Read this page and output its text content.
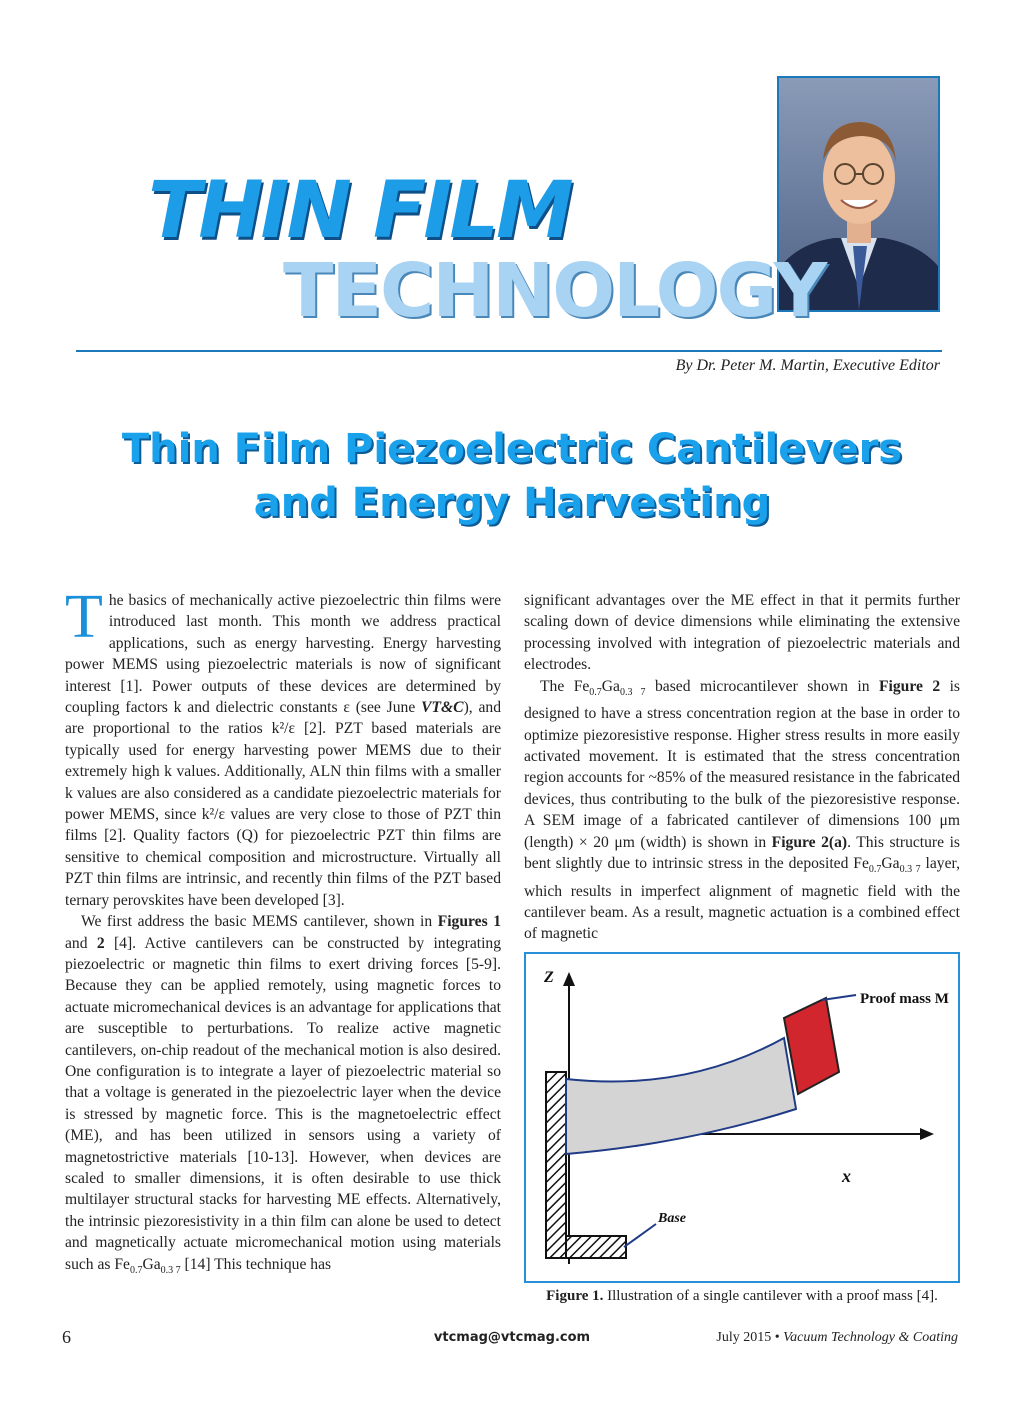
THIN FILM
TECHNOLOGY
By Dr. Peter M. Martin, Executive Editor
Thin Film Piezoelectric Cantilevers
and Energy Harvesting

The basics of mechanically active piezoelectric thin films were introduced last month. This month we address practical applications, such as energy harvesting. Energy harvesting power MEMS using piezoelectric materials is now of significant interest [1]. Power outputs of these devices are determined by coupling factors k and dielectric constants ε (see June VT&C), and are proportional to the ratios k²/ε [2]. PZT based materials are typically used for energy harvesting power MEMS due to their extremely high k values. Additionally, ALN thin films with a smaller k values are also considered as a candidate piezoelectric materials for power MEMS, since k²/ε values are very close to those of PZT thin films [2]. Quality factors (Q) for piezoelectric PZT thin films are sensitive to chemical composition and microstructure. Virtually all PZT thin films are intrinsic, and recently thin films of the PZT based ternary perovskites have been developed [3].

We first address the basic MEMS cantilever, shown in Figures 1 and 2 [4]. Active cantilevers can be constructed by integrating piezoelectric or magnetic thin films to exert driving forces [5-9]. Because they can be applied remotely, using magnetic forces to actuate micromechanical devices is an advantage for applications that are susceptible to perturbations. To realize active magnetic cantilevers, on-chip readout of the mechanical motion is also desired. One configuration is to integrate a layer of piezoelectric material so that a voltage is generated in the piezoelectric layer when the device is stressed by magnetic force. This is the magnetoelectric effect (ME), and has been utilized in sensors using a variety of magnetostrictive materials [10-13]. However, when devices are scaled to smaller dimensions, it is often desirable to use thick multilayer structural stacks for harvesting ME effects. Alternatively, the intrinsic piezoresistivity in a thin film can alone be used to detect and magnetically actuate micromechanical motion using materials such as $Fe_{0.7}Ga_{0.3 7}$ [14] This technique has

significant advantages over the ME effect in that it permits further scaling down of device dimensions while eliminating the extensive processing involved with integration of piezoelectric materials and electrodes.

The $Fe_{0.7}Ga_{0.3 7}$ based microcantilever shown in Figure 2 is designed to have a stress concentration region at the base in order to optimize piezoresistive response. Higher stress results in more easily activated movement. It is estimated that the stress concentration region accounts for ~85% of the measured resistance in the fabricated devices, thus contributing to the bulk of the piezoresistive response. A SEM image of a fabricated cantilever of dimensions 100 μm (length) × 20 μm (width) is shown in Figure 2(a). This structure is bent slightly due to intrinsic stress in the deposited $Fe_{0.7}Ga_{0.3 7}$ layer, which results in imperfect alignment of magnetic field with the cantilever beam. As a result, magnetic actuation is a combined effect of magnetic

Z
x
Proof mass M
Base
Figure 1. Illustration of a single cantilever with a proof mass [4].
6	vtcmag@vtcmag.com	July 2015 • Vacuum Technology & Coating
